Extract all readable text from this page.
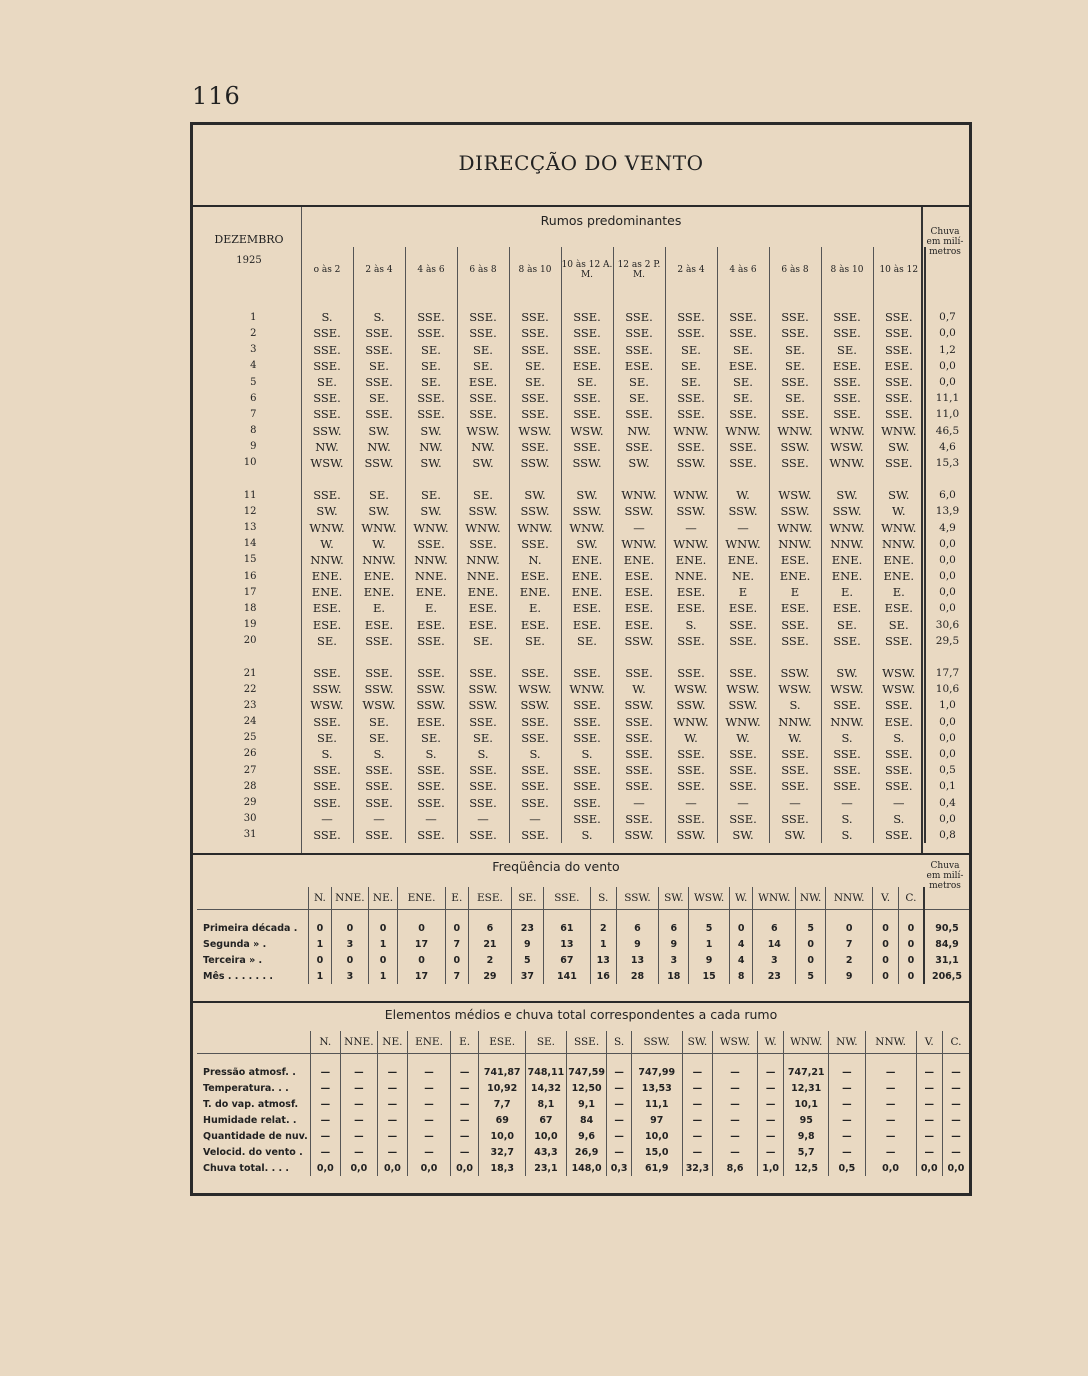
116
DIRECÇÃO DO VENTO
DEZEMBRO
1925
Rumos predominantes
Chuva em milí-metros
	o às 2	2 às 4	4 às 6	6 às 8	8 às 10	10 às 12 A. M.	12 as 2 P. M.	2 às 4	4 às 6	6 às 8	8 às 10	10 às 12	

1	S.	S.	SSE.	SSE.	SSE.	SSE.	SSE.	SSE.	SSE.	SSE.	SSE.	SSE.	0,7
2	SSE.	SSE.	SSE.	SSE.	SSE.	SSE.	SSE.	SSE.	SSE.	SSE.	SSE.	SSE.	0,0
3	SSE.	SSE.	SE.	SE.	SSE.	SSE.	SSE.	SE.	SE.	SE.	SE.	SSE.	1,2
4	SSE.	SE.	SE.	SE.	SE.	ESE.	ESE.	SE.	ESE.	SE.	ESE.	ESE.	0,0
5	SE.	SSE.	SE.	ESE.	SE.	SE.	SE.	SE.	SE.	SSE.	SSE.	SSE.	0,0
6	SSE.	SE.	SSE.	SSE.	SSE.	SSE.	SE.	SSE.	SE.	SE.	SSE.	SSE.	11,1
7	SSE.	SSE.	SSE.	SSE.	SSE.	SSE.	SSE.	SSE.	SSE.	SSE.	SSE.	SSE.	11,0
8	SSW.	SW.	SW.	WSW.	WSW.	WSW.	NW.	WNW.	WNW.	WNW.	WNW.	WNW.	46,5
9	NW.	NW.	NW.	NW.	SSE.	SSE.	SSE.	SSE.	SSE.	SSW.	WSW.	SW.	4,6
10	WSW.	SSW.	SW.	SW.	SSW.	SSW.	SW.	SSW.	SSE.	SSE.	WNW.	SSE.	15,3

11	SSE.	SE.	SE.	SE.	SW.	SW.	WNW.	WNW.	W.	WSW.	SW.	SW.	6,0
12	SW.	SW.	SW.	SSW.	SSW.	SSW.	SSW.	SSW.	SSW.	SSW.	SSW.	W.	13,9
13	WNW.	WNW.	WNW.	WNW.	WNW.	WNW.	—	—	—	WNW.	WNW.	WNW.	4,9
14	W.	W.	SSE.	SSE.	SSE.	SW.	WNW.	WNW.	WNW.	NNW.	NNW.	NNW.	0,0
15	NNW.	NNW.	NNW.	NNW.	N.	ENE.	ENE.	ENE.	ENE.	ESE.	ENE.	ENE.	0,0
16	ENE.	ENE.	NNE.	NNE.	ESE.	ENE.	ESE.	NNE.	NE.	ENE.	ENE.	ENE.	0,0
17	ENE.	ENE.	ENE.	ENE.	ENE.	ENE.	ESE.	ESE.	E	E	E.	E.	0,0
18	ESE.	E.	E.	ESE.	E.	ESE.	ESE.	ESE.	ESE.	ESE.	ESE.	ESE.	0,0
19	ESE.	ESE.	ESE.	ESE.	ESE.	ESE.	ESE.	S.	SSE.	SSE.	SE.	SE.	30,6
20	SE.	SSE.	SSE.	SE.	SE.	SE.	SSW.	SSE.	SSE.	SSE.	SSE.	SSE.	29,5

21	SSE.	SSE.	SSE.	SSE.	SSE.	SSE.	SSE.	SSE.	SSE.	SSW.	SW.	WSW.	17,7
22	SSW.	SSW.	SSW.	SSW.	WSW.	WNW.	W.	WSW.	WSW.	WSW.	WSW.	WSW.	10,6
23	WSW.	WSW.	SSW.	SSW.	SSW.	SSE.	SSW.	SSW.	SSW.	S.	SSE.	SSE.	1,0
24	SSE.	SE.	ESE.	SSE.	SSE.	SSE.	SSE.	WNW.	WNW.	NNW.	NNW.	ESE.	0,0
25	SE.	SE.	SE.	SE.	SSE.	SSE.	SSE.	W.	W.	W.	S.	S.	0,0
26	S.	S.	S.	S.	S.	S.	SSE.	SSE.	SSE.	SSE.	SSE.	SSE.	0,0
27	SSE.	SSE.	SSE.	SSE.	SSE.	SSE.	SSE.	SSE.	SSE.	SSE.	SSE.	SSE.	0,5
28	SSE.	SSE.	SSE.	SSE.	SSE.	SSE.	SSE.	SSE.	SSE.	SSE.	SSE.	SSE.	0,1
29	SSE.	SSE.	SSE.	SSE.	SSE.	SSE.	—	—	—	—	—	—	0,4
30	—	—	—	—	—	SSE.	SSE.	SSE.	SSE.	SSE.	S.	S.	0,0
31	SSE.	SSE.	SSE.	SSE.	SSE.	S.	SSW.	SSW.	SW.	SW.	S.	SSE.	0,8
Freqüência do vento	Chuva em milí-metros
	N.	NNE.	NE.	ENE.	E.	ESE.	SE.	SSE.	S.	SSW.	SW.	WSW.	W.	WNW.	NW.	NNW.	V.	C.	

Primeira década .	0	0	0	0	0	6	23	61	2	6	6	5	0	6	5	0	0	0	90,5
Segunda » .	1	3	1	17	7	21	9	13	1	9	9	1	4	14	0	7	0	0	84,9
Terceira » .	0	0	0	0	0	2	5	67	13	13	3	9	4	3	0	2	0	0	31,1
Mês . . . . . . .	1	3	1	17	7	29	37	141	16	28	18	15	8	23	5	9	0	0	206,5
Elementos médios e chuva total correspondentes a cada rumo
	N.	NNE.	NE.	ENE.	E.	ESE.	SE.	SSE.	S.	SSW.	SW.	WSW.	W.	WNW.	NW.	NNW.	V.	C.

Pressão atmosf. .	—	—	—	—	—	741,87	748,11	747,59	—	747,99	—	—	—	747,21	—	—	—	—
Temperatura. . .	—	—	—	—	—	10,92	14,32	12,50	—	13,53	—	—	—	12,31	—	—	—	—
T. do vap. atmosf.	—	—	—	—	—	7,7	8,1	9,1	—	11,1	—	—	—	10,1	—	—	—	—
Humidade relat. .	—	—	—	—	—	69	67	84	—	97	—	—	—	95	—	—	—	—
Quantidade de nuv.	—	—	—	—	—	10,0	10,0	9,6	—	10,0	—	—	—	9,8	—	—	—	—
Velocid. do vento .	—	—	—	—	—	32,7	43,3	26,9	—	15,0	—	—	—	5,7	—	—	—	—
Chuva total. . . .	0,0	0,0	0,0	0,0	0,0	18,3	23,1	148,0	0,3	61,9	32,3	8,6	1,0	12,5	0,5	0,0	0,0	0,0
